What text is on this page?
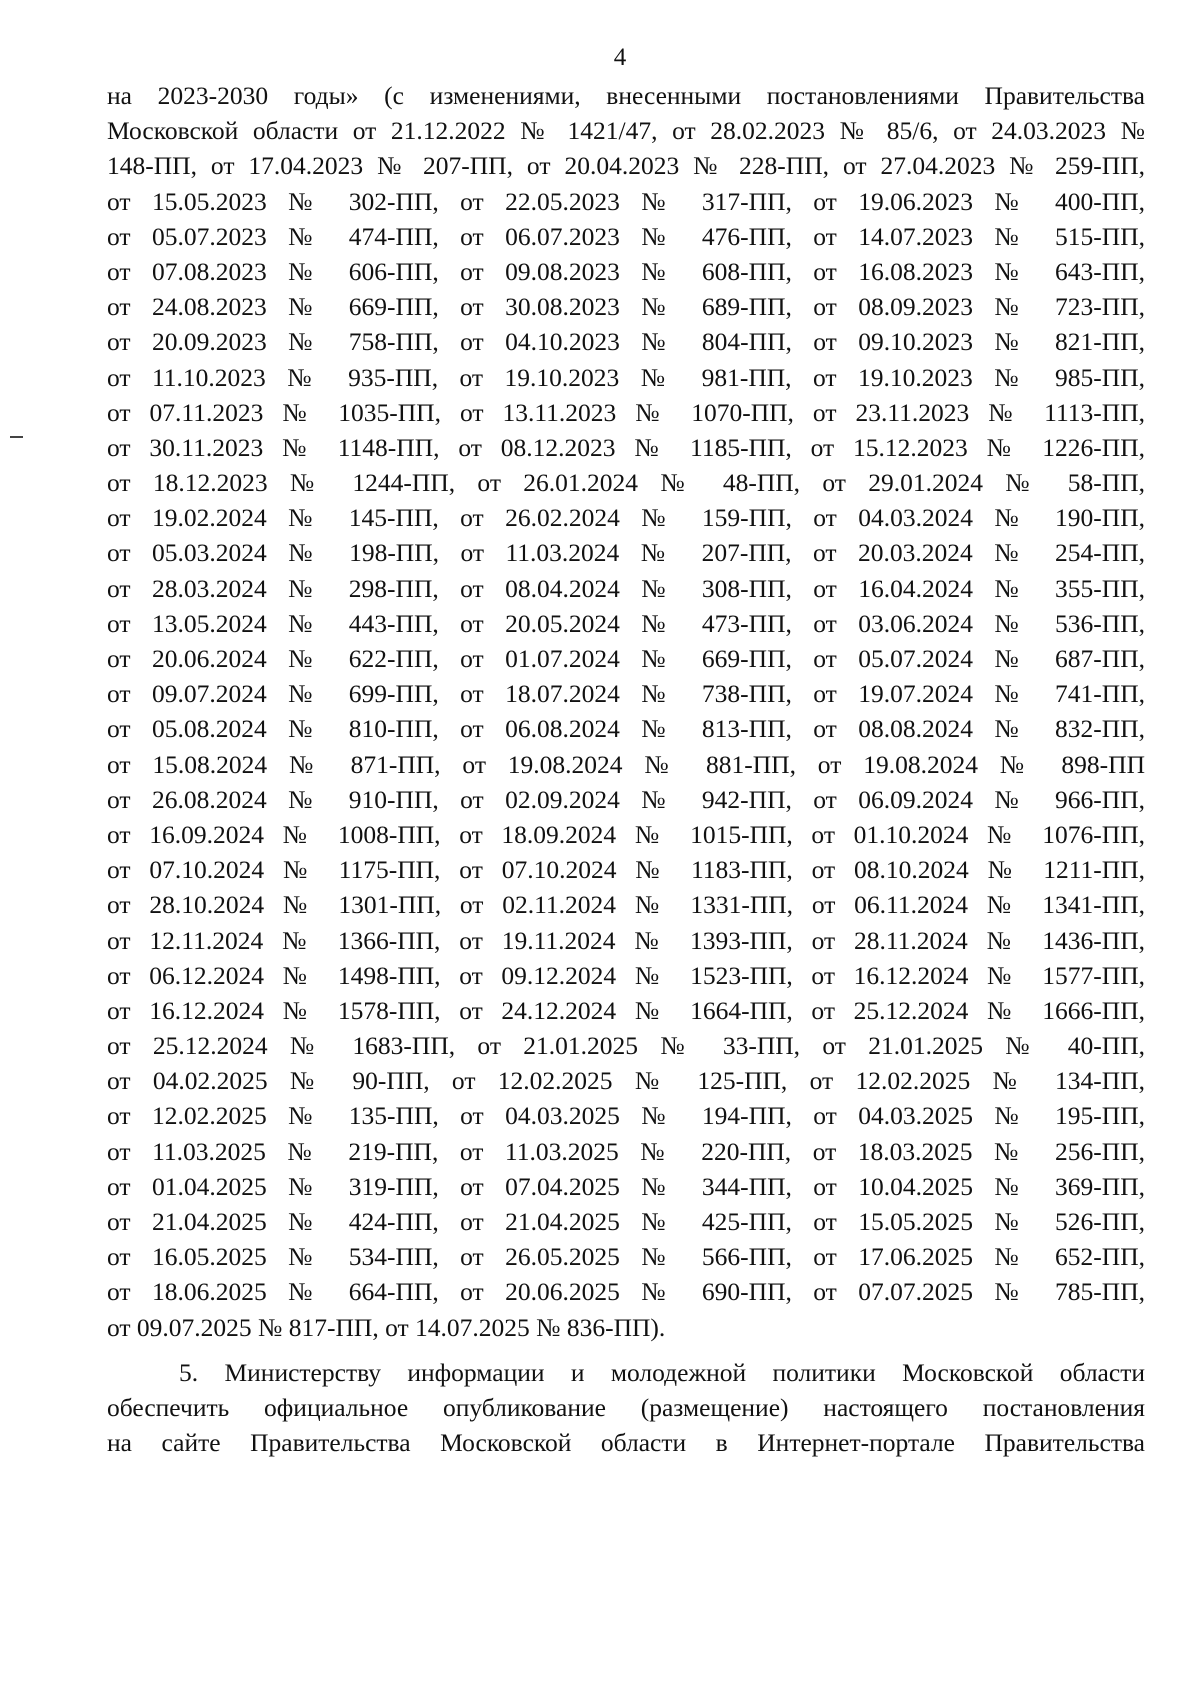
4
на 2023-2030 годы» (с изменениями, внесенными постановлениями Правительства
Московской области от 21.12.2022 № 1421/47, от 28.02.2023 № 85/6, от 24.03.2023 №
148-ПП, от 17.04.2023 № 207-ПП, от 20.04.2023 № 228-ПП, от 27.04.2023 № 259-ПП,
от 15.05.2023 № 302-ПП, от 22.05.2023 № 317-ПП, от 19.06.2023 № 400-ПП,
от 05.07.2023 № 474-ПП, от 06.07.2023 № 476-ПП, от 14.07.2023 № 515-ПП,
от 07.08.2023 № 606-ПП, от 09.08.2023 № 608-ПП, от 16.08.2023 № 643-ПП,
от 24.08.2023 № 669-ПП, от 30.08.2023 № 689-ПП, от 08.09.2023 № 723-ПП,
от 20.09.2023 № 758-ПП, от 04.10.2023 № 804-ПП, от 09.10.2023 № 821-ПП,
от 11.10.2023 № 935-ПП, от 19.10.2023 № 981-ПП, от 19.10.2023 № 985-ПП,
от 07.11.2023 № 1035-ПП, от 13.11.2023 № 1070-ПП, от 23.11.2023 № 1113-ПП,
от 30.11.2023 № 1148-ПП, от 08.12.2023 № 1185-ПП, от 15.12.2023 № 1226-ПП,
от 18.12.2023 № 1244-ПП, от 26.01.2024 № 48-ПП, от 29.01.2024 № 58-ПП,
от 19.02.2024 № 145-ПП, от 26.02.2024 № 159-ПП, от 04.03.2024 № 190-ПП,
от 05.03.2024 № 198-ПП, от 11.03.2024 № 207-ПП, от 20.03.2024 № 254-ПП,
от 28.03.2024 № 298-ПП, от 08.04.2024 № 308-ПП, от 16.04.2024 № 355-ПП,
от 13.05.2024 № 443-ПП, от 20.05.2024 № 473-ПП, от 03.06.2024 № 536-ПП,
от 20.06.2024 № 622-ПП, от 01.07.2024 № 669-ПП, от 05.07.2024 № 687-ПП,
от 09.07.2024 № 699-ПП, от 18.07.2024 № 738-ПП, от 19.07.2024 № 741-ПП,
от 05.08.2024 № 810-ПП, от 06.08.2024 № 813-ПП, от 08.08.2024 № 832-ПП,
от 15.08.2024 № 871-ПП, от 19.08.2024 № 881-ПП, от 19.08.2024 № 898-ПП
от 26.08.2024 № 910-ПП, от 02.09.2024 № 942-ПП, от 06.09.2024 № 966-ПП,
от 16.09.2024 № 1008-ПП, от 18.09.2024 № 1015-ПП, от 01.10.2024 № 1076-ПП,
от 07.10.2024 № 1175-ПП, от 07.10.2024 № 1183-ПП, от 08.10.2024 № 1211-ПП,
от 28.10.2024 № 1301-ПП, от 02.11.2024 № 1331-ПП, от 06.11.2024 № 1341-ПП,
от 12.11.2024 № 1366-ПП, от 19.11.2024 № 1393-ПП, от 28.11.2024 № 1436-ПП,
от 06.12.2024 № 1498-ПП, от 09.12.2024 № 1523-ПП, от 16.12.2024 № 1577-ПП,
от 16.12.2024 № 1578-ПП, от 24.12.2024 № 1664-ПП, от 25.12.2024 № 1666-ПП,
от 25.12.2024 № 1683-ПП, от 21.01.2025 № 33-ПП, от 21.01.2025 № 40-ПП,
от 04.02.2025 № 90-ПП, от 12.02.2025 № 125-ПП, от 12.02.2025 № 134-ПП,
от 12.02.2025 № 135-ПП, от 04.03.2025 № 194-ПП, от 04.03.2025 № 195-ПП,
от 11.03.2025 № 219-ПП, от 11.03.2025 № 220-ПП, от 18.03.2025 № 256-ПП,
от 01.04.2025 № 319-ПП, от 07.04.2025 № 344-ПП, от 10.04.2025 № 369-ПП,
от 21.04.2025 № 424-ПП, от 21.04.2025 № 425-ПП, от 15.05.2025 № 526-ПП,
от 16.05.2025 № 534-ПП, от 26.05.2025 № 566-ПП, от 17.06.2025 № 652-ПП,
от 18.06.2025 № 664-ПП, от 20.06.2025 № 690-ПП, от 07.07.2025 № 785-ПП,
от 09.07.2025 № 817-ПП, от 14.07.2025 № 836-ПП).
5. Министерству информации и молодежной политики Московской области
обеспечить официальное опубликование (размещение) настоящего постановления
на сайте Правительства Московской области в Интернет-портале Правительства
